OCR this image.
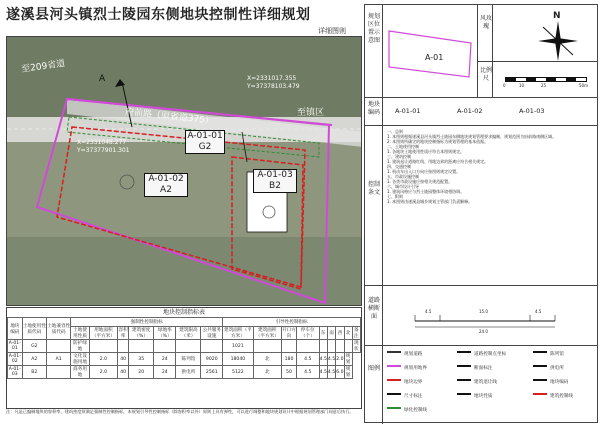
遂溪县河头镇烈士陵园东侧地块控制性详细规划
详细图则
至209省道
府前路（原省道375）	至镇区
X=2331017.355
Y=37378103.479
X=2331048.277
Y=37377901.301
A
A-01-01
G2
A-01-02
A2
A-01-03
B2
地块控制指标表
地块编码	土地使用性质代码	土地兼容性质代码	强制性控制指标							引导性控制指标								
			土地使用性质	用地面积（平方米）	容积率	建筑密度（%）	绿地率（%）	建筑限高（米）	公共服务设施	建筑面积（平方米）	建筑面积（平方米）	开口方向	停车位（个）	东	南	西	北	备注
A-01-01	G2		防护绿地							1021								现状
A-01-02	A2	A1	文化设施用地	2.0	40	35	24	陈列馆	9020	18040	北	180	4.5	4.5	4.5	2.0	规划	
A-01-03	B2		商务用地	2.0	40	20	24	供电所	2561	5122	北	50	4.5	4.5	4.5	6.0	规划	
注：凡是已编制地块的容积率、建筑密度须满足强制性控制指标，本规划引导性控制指标（除容积率以外）原则上具有弹性，可以进行调整和地块规划设计中根据规划管理部门同意后执行。
规划区位置示意图
A-01
风玫瑰
N
比例尺
0	10	25	50m
地块编码 A-01-01	A-01-02	A-01-03
控制条文
一、总则
1. 本图则根据遂溪县河头镇烈士陵园东侧地块规划管理要求编制，规划范围为府前路南侧区域。
2. 本图则所确定的地块控制指标为规划管理的基本依据。
二、土地使用控制
1. 各地块土地使用性质应符合本图则规定。
三、建筑控制
1. 建筑退让道路红线、用地边界的距离应符合相关规定。
四、交通控制
1. 机动车出入口方向应按图则规定设置。
五、市政设施控制
1. 各类市政设施应按相关规范配置。
六、城市设计引导
1. 建筑风格应与烈士陵园整体环境相协调。
七、附则
1. 本图则由遂溪县城乡规划主管部门负责解释。
道路横断面
4.5	15.0	4.5
24.0
图例
规划道路	道路控制点坐标	陈列馆
规划用地界	断面标注	供电所
地块边界	建筑退让线	地块编码
尺寸标注	地块性质	建筑控制线
绿化控制线
